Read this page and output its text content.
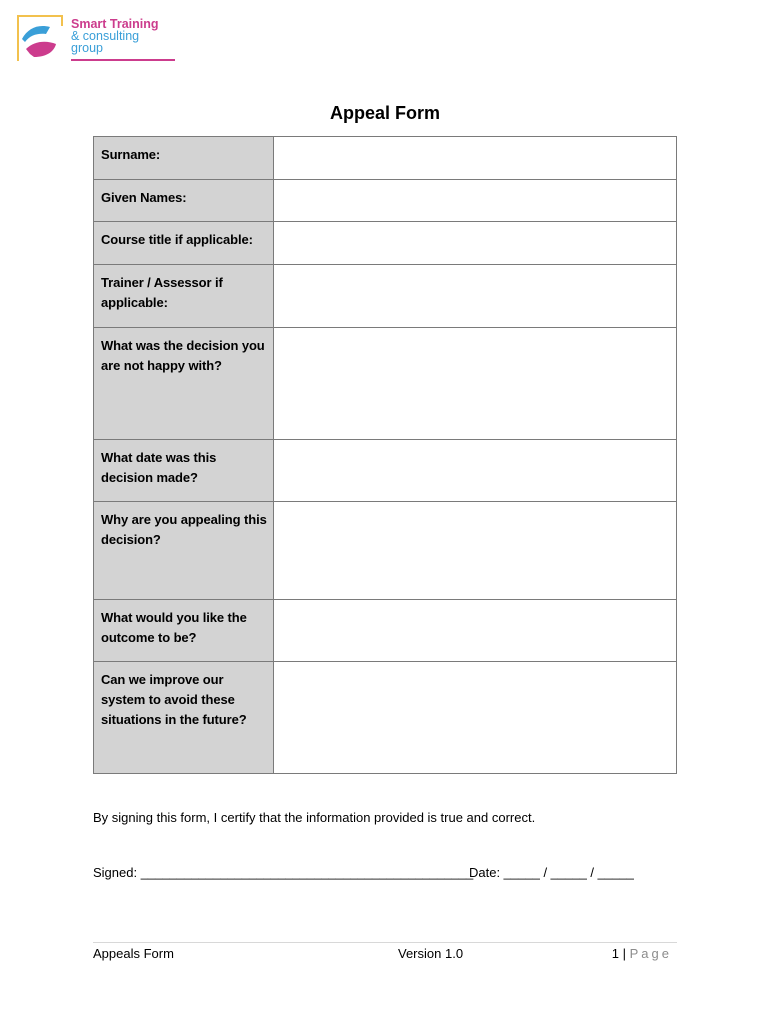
Smart Training
& consulting
group
Appeal Form
Surname:	
Given Names:	
Course title if applicable:	
Trainer / Assessor if applicable:	
What was the decision you are not happy with?	
What date was this decision made?	
Why are you appealing this decision?	
What would you like the outcome to be?	
Can we improve our system to avoid these situations in the future?	
By signing this form, I certify that the information provided is true and correct.
Signed: ______________________________________________
Date: _____ / _____ / _____
Appeals Form	Version 1.0	1 | Page
